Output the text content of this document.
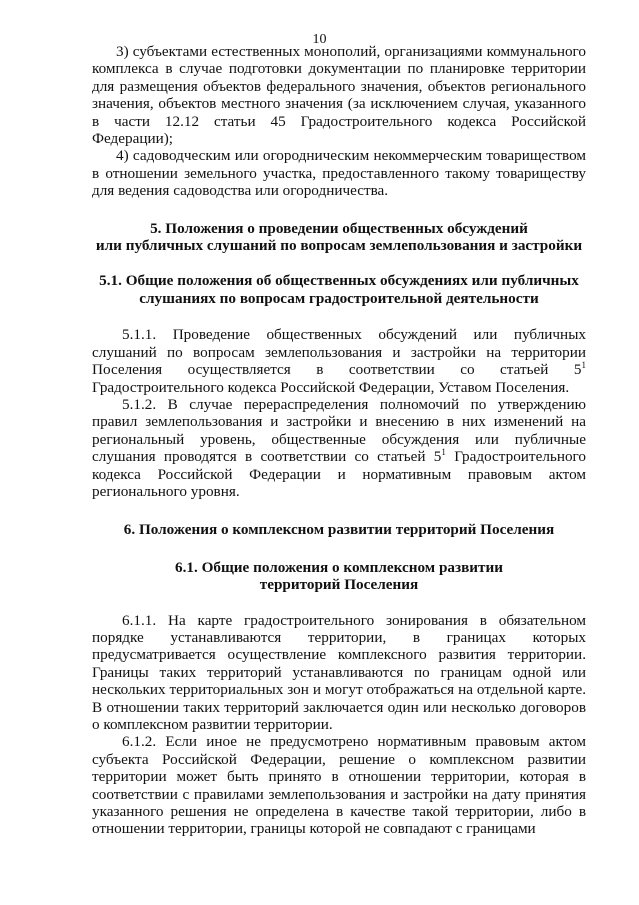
10

3) субъектами естественных монополий, организациями коммунального комплекса в случае подготовки документации по планировке территории для размещения объектов федерального значения, объектов регионального значения, объектов местного значения (за исключением случая, указанного в части 12.12 статьи 45 Градостроительного кодекса Российской Федерации);

4) садоводческим или огородническим некоммерческим товариществом в отношении земельного участка, предоставленного такому товариществу для ведения садоводства или огородничества.

5. Положения о проведении общественных обсуждений
или публичных слушаний по вопросам землепользования и застройки
5.1. Общие положения об общественных обсуждениях или публичных
слушаниях по вопросам градостроительной деятельности

5.1.1. Проведение общественных обсуждений или публичных слушаний по вопросам землепользования и застройки на территории Поселения осуществляется в соответствии со статьей $5^1$ Градостроительного кодекса Российской Федерации, Уставом Поселения.

5.1.2. В случае перераспределения полномочий по утверждению правил землепользования и застройки и внесению в них изменений на региональный уровень, общественные обсуждения или публичные слушания проводятся в соответствии со статьей $5^1$ Градостроительного кодекса Российской Федерации и нормативным правовым актом регионального уровня.

6. Положения о комплексном развитии территорий Поселения
6.1. Общие положения о комплексном развитии
территорий Поселения

6.1.1. На карте градостроительного зонирования в обязательном порядке устанавливаются территории, в границах которых предусматривается осуществление комплексного развития территории. Границы таких территорий устанавливаются по границам одной или нескольких территориальных зон и могут отображаться на отдельной карте. В отношении таких территорий заключается один или несколько договоров о комплексном развитии территории.

6.1.2. Если иное не предусмотрено нормативным правовым актом субъекта Российской Федерации, решение о комплексном развитии территории может быть принято в отношении территории, которая в соответствии с правилами землепользования и застройки на дату принятия указанного решения не определена в качестве такой территории, либо в отношении территории, границы которой не совпадают с границами
